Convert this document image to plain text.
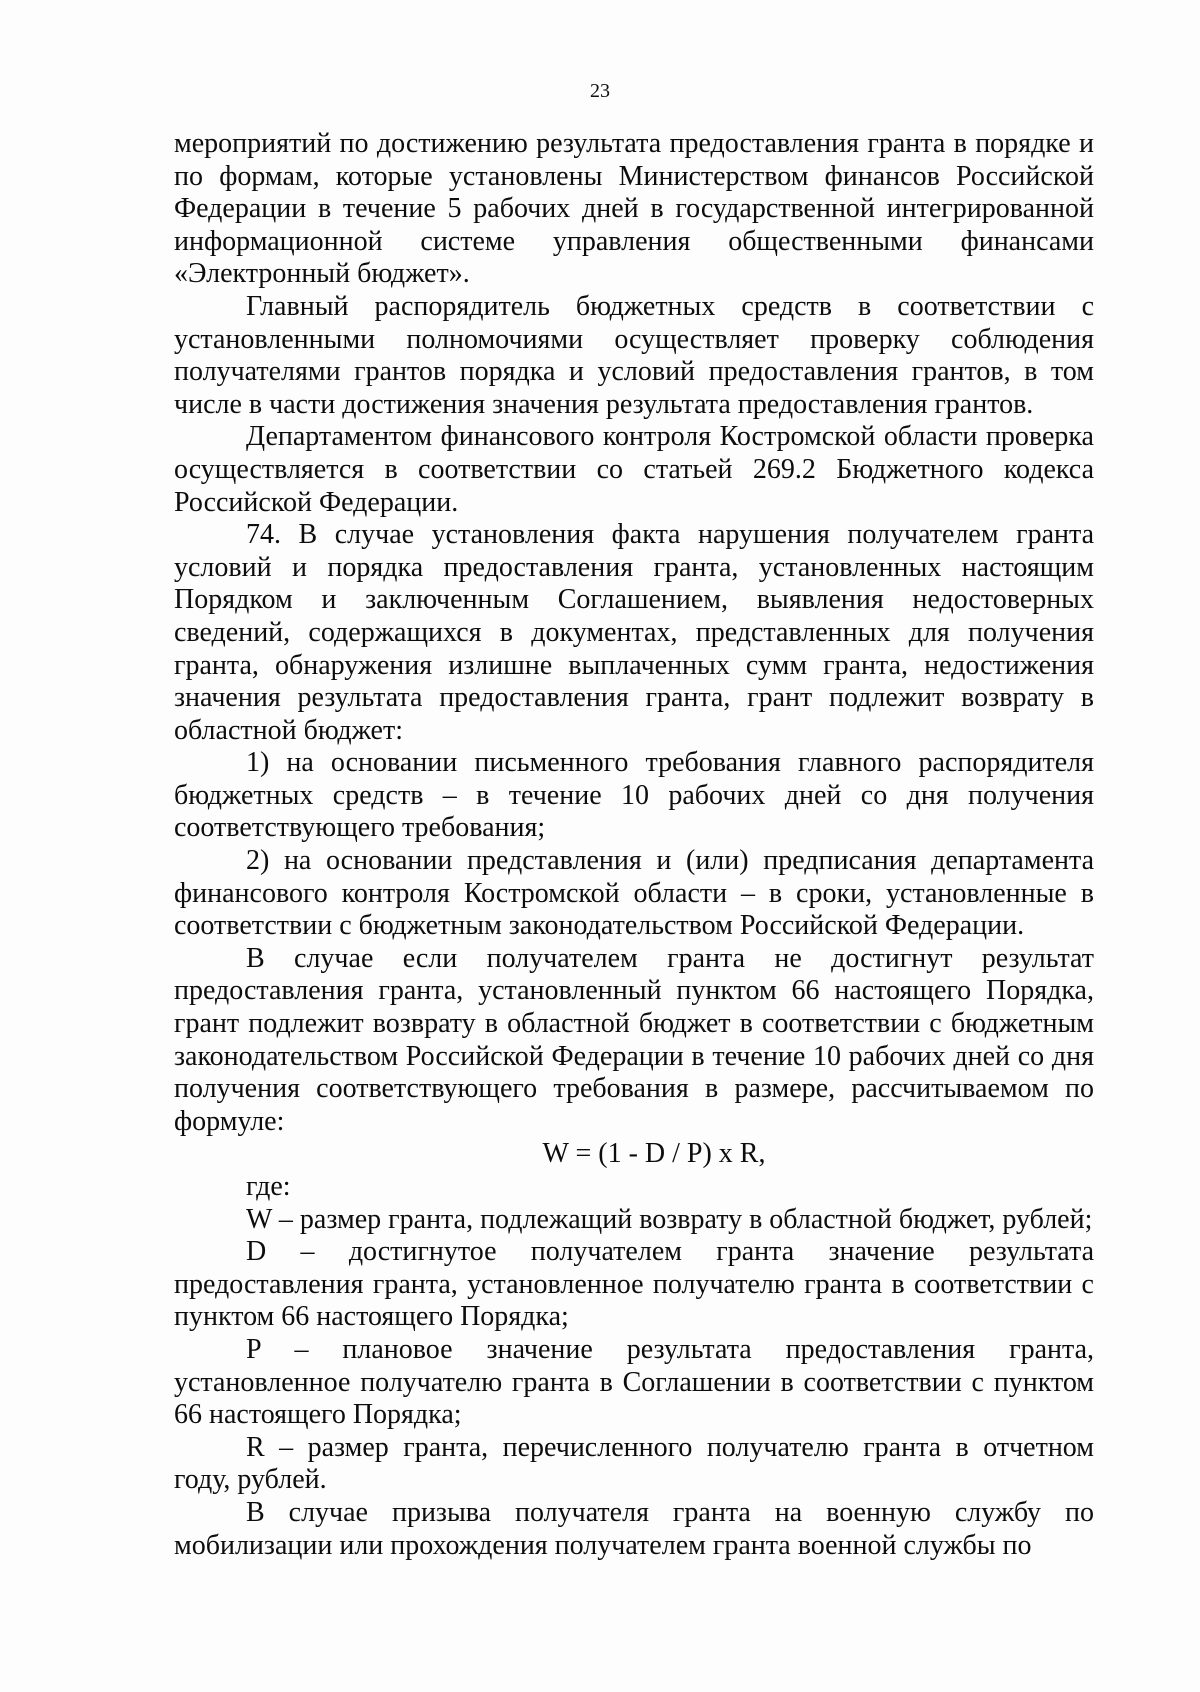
23

мероприятий по достижению результата предоставления гранта в порядке и по формам, которые установлены Министерством финансов Российской Федерации в течение 5 рабочих дней в государственной интегрированной информационной системе управления общественными финансами «Электронный бюджет».

Главный распорядитель бюджетных средств в соответствии с установленными полномочиями осуществляет проверку соблюдения получателями грантов порядка и условий предоставления грантов, в том числе в части достижения значения результата предоставления грантов.

Департаментом финансового контроля Костромской области проверка осуществляется в соответствии со статьей 269.2 Бюджетного кодекса Российской Федерации.

74. В случае установления факта нарушения получателем гранта условий и порядка предоставления гранта, установленных настоящим Порядком и заключенным Соглашением, выявления недостоверных сведений, содержащихся в документах, представленных для получения гранта, обнаружения излишне выплаченных сумм гранта, недостижения значения результата предоставления гранта, грант подлежит возврату в областной бюджет:

1) на основании письменного требования главного распорядителя бюджетных средств – в течение 10 рабочих дней со дня получения соответствующего требования;

2) на основании представления и (или) предписания департамента финансового контроля Костромской области – в сроки, установленные в соответствии с бюджетным законодательством Российской Федерации.

В случае если получателем гранта не достигнут результат предоставления гранта, установленный пунктом 66 настоящего Порядка, грант подлежит возврату в областной бюджет в соответствии с бюджетным законодательством Российской Федерации в течение 10 рабочих дней со дня получения соответствующего требования в размере, рассчитываемом по формуле:

W = (1 - D / P) x R,

где:

W – размер гранта, подлежащий возврату в областной бюджет, рублей;

D – достигнутое получателем гранта значение результата предоставления гранта, установленное получателю гранта в соответствии с пунктом 66 настоящего Порядка;

P – плановое значение результата предоставления гранта, установленное получателю гранта в Соглашении в соответствии с пунктом 66 настоящего Порядка;

R – размер гранта, перечисленного получателю гранта в отчетном году, рублей.

В случае призыва получателя гранта на военную службу по мобилизации или прохождения получателем гранта военной службы по
